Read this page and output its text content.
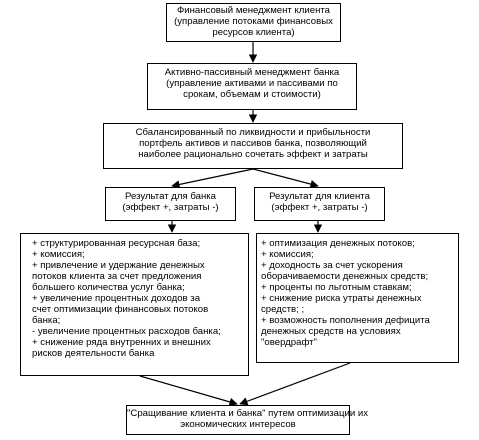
Финансовый менеджмент клиента
(управление потоками финансовых
ресурсов клиента)
Активно-пассивный менеджмент банка
(управление активами и пассивами по
срокам, объемам и стоимости)
Сбалансированный по ликвидности и прибыльности
портфель активов и пассивов банка, позволяющий
наиболее рационально сочетать эффект и затраты
Результат для банка
(эффект +, затраты -)
Результат для клиента
(эффект +, затраты -)
+ структурированная ресурсная база;
+ комиссия;
+ привлечение и удержание денежных
потоков клиента за счет предложения
большего количества услуг банка;
+ увеличение процентных доходов за
счет оптимизации финансовых потоков
банка;
- увеличение процентных расходов банка;
+ снижение ряда внутренних и внешних
рисков деятельности банка
+ оптимизация денежных потоков;
+ комиссия;
+ доходность за счет ускорения
оборачиваемости денежных средств;
+ проценты по льготным ставкам;
+ снижение риска утраты денежных
средств; ;
+ возможность пополнения дефицита
денежных средств на условиях
"овердрафт"
"Сращивание клиента и банка" путем оптимизации их
экономических интересов
